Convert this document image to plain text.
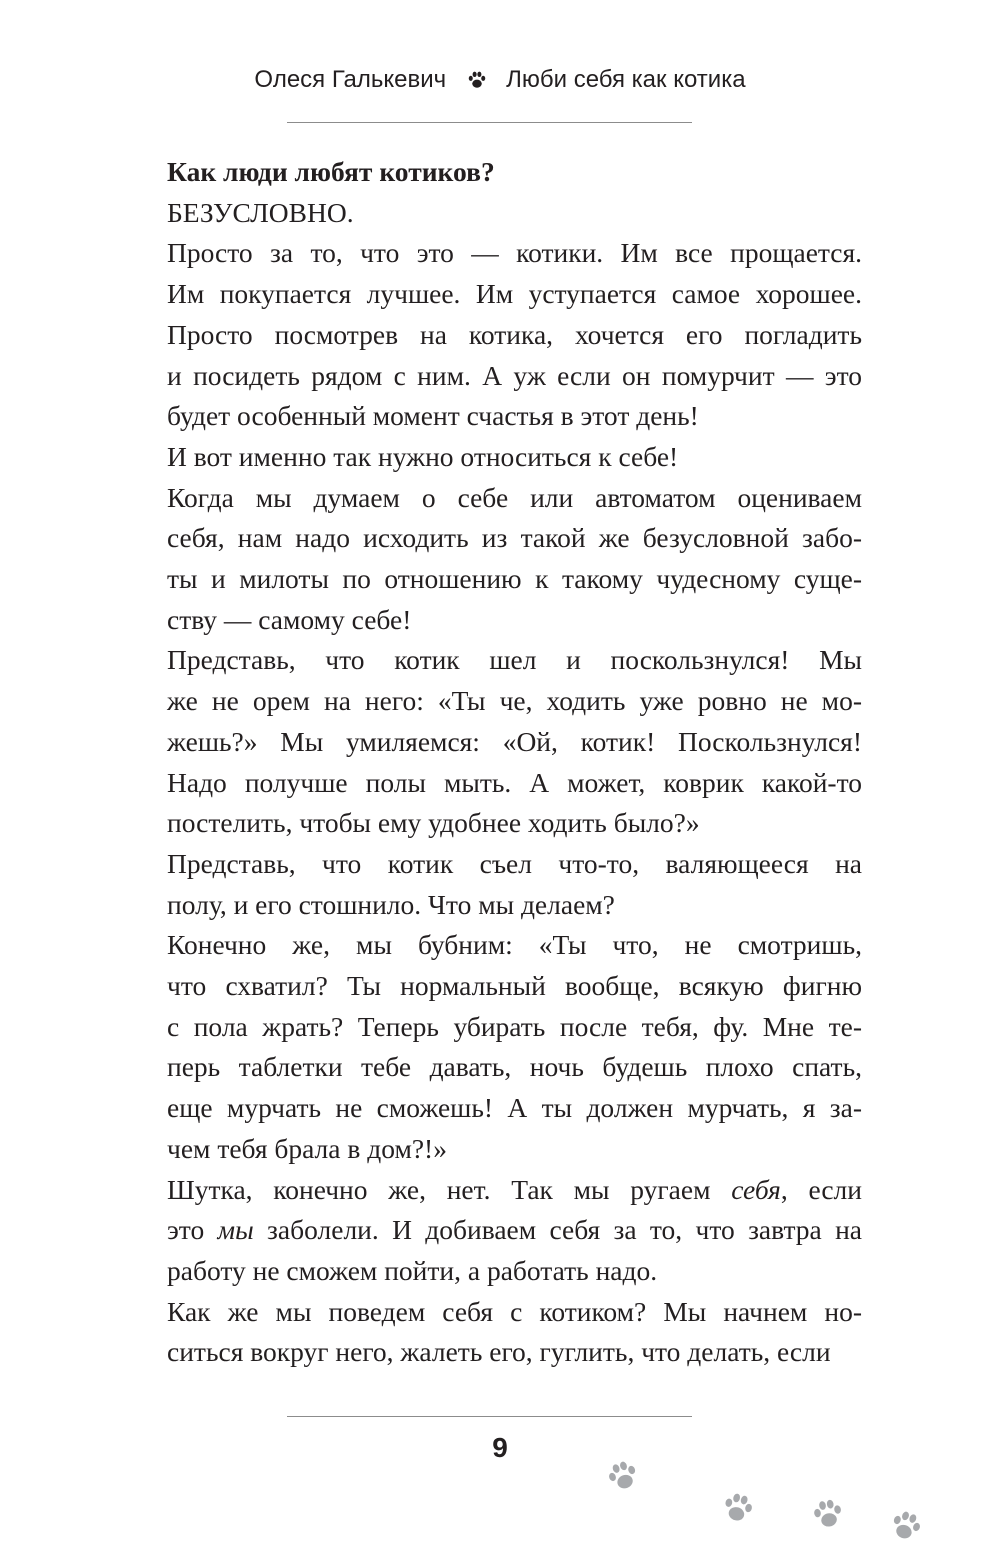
Олеся Галькевич	Люби себя как котика

Как люди любят котиков?

БЕЗУСЛОВНО.

Просто за то, что это — котики. Им все прощается.
Им покупается лучшее. Им уступается самое хорошее.
Просто посмотрев на котика, хочется его погладить
и посидеть рядом с ним. А уж если он помурчит — это
будет особенный момент счастья в этот день!

И вот именно так нужно относиться к себе!

Когда мы думаем о себе или автоматом оцениваем
себя, нам надо исходить из такой же безусловной забо-
ты и милоты по отношению к такому чудесному суще-
ству — самому себе!

Представь, что котик шел и поскользнулся! Мы
же не орем на него: «Ты че, ходить уже ровно не мо-
жешь?» Мы умиляемся: «Ой, котик! Поскользнулся!
Надо получше полы мыть. А может, коврик какой-то
постелить, чтобы ему удобнее ходить было?»

Представь, что котик съел что-то, валяющееся на
полу, и его стошнило. Что мы делаем?

Конечно же, мы бубним: «Ты что, не смотришь,
что схватил? Ты нормальный вообще, всякую фигню
с пола жрать? Теперь убирать после тебя, фу. Мне те-
перь таблетки тебе давать, ночь будешь плохо спать,
еще мурчать не сможешь! А ты должен мурчать, я за-
чем тебя брала в дом?!»

Шутка, конечно же, нет. Так мы ругаем себя, если
это мы заболели. И добиваем себя за то, что завтра на
работу не сможем пойти, а работать надо.

Как же мы поведем себя с котиком? Мы начнем но-
ситься вокруг него, жалеть его, гуглить, что делать, если

9
